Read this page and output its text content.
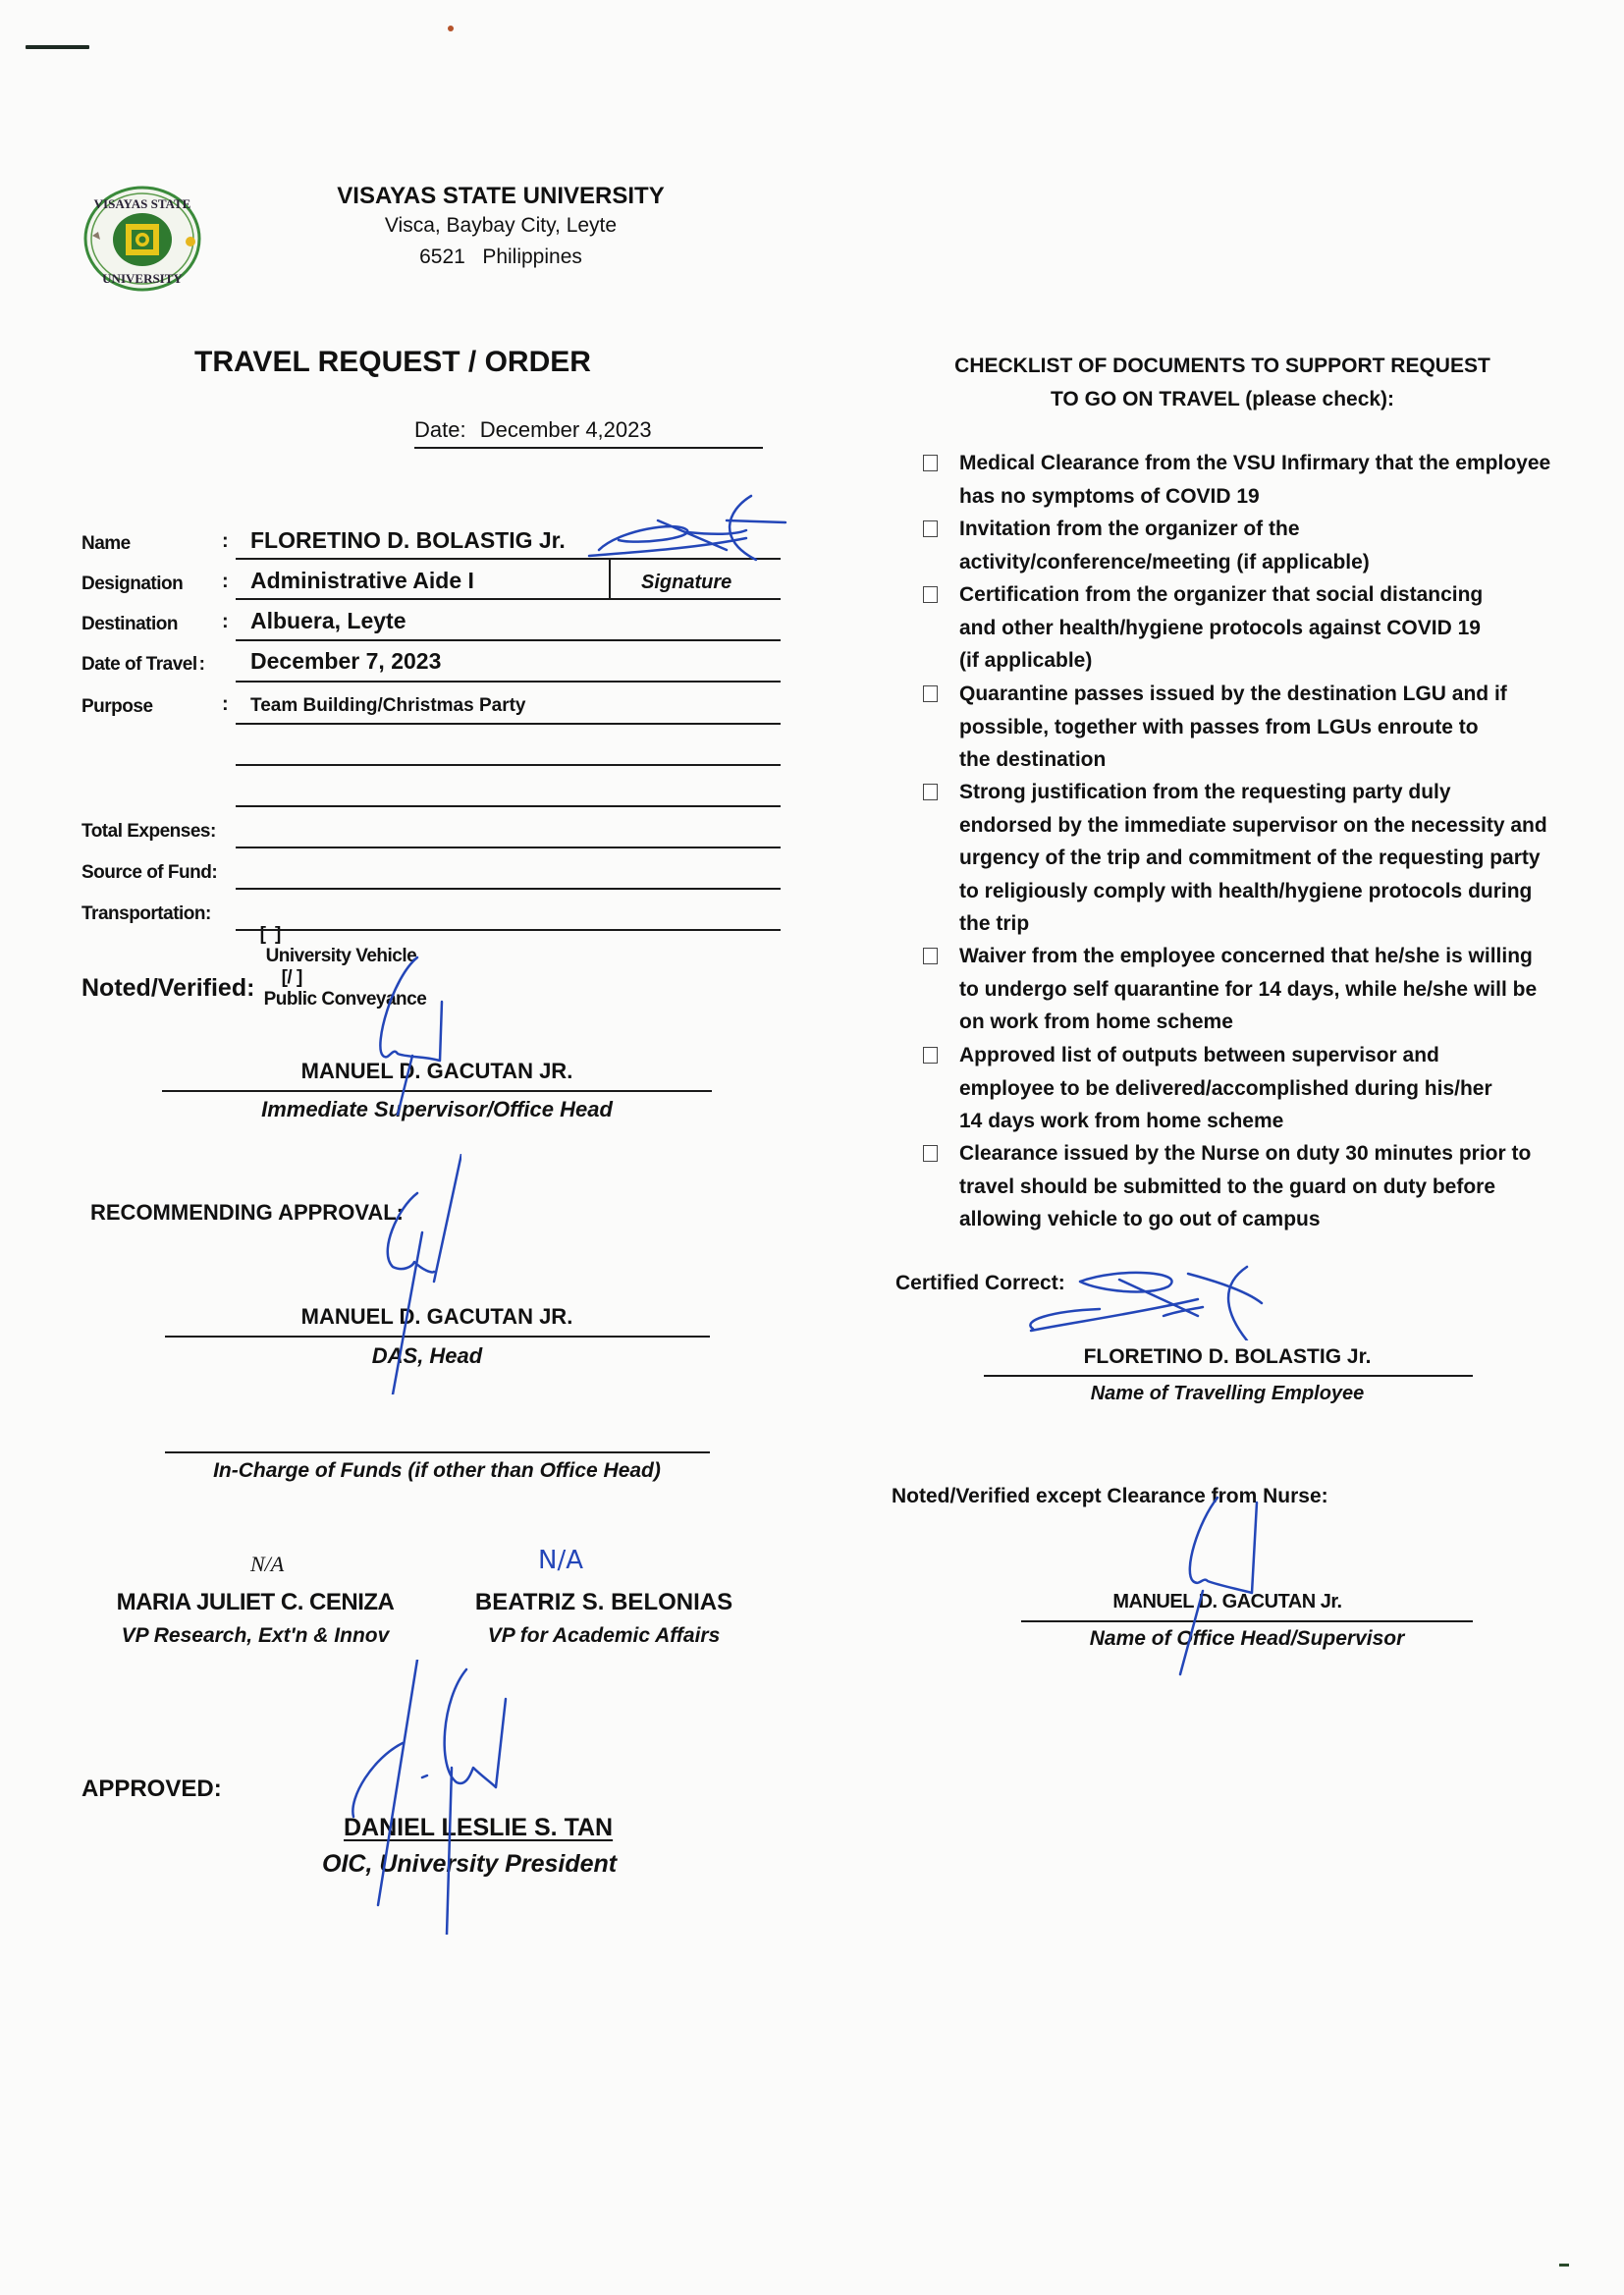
VISAYAS STATE
UNIVERSITY
VISAYAS STATE UNIVERSITY
Visca, Baybay City, Leyte
6521   Philippines
TRAVEL REQUEST / ORDER
Date: December 4,2023
Name	: FLORETINO D. BOLASTIG Jr.
Designation : Administrative Aide I	Signature
Destination : Albuera, Leyte
Date of Travel : December 7, 2023
Purpose	: Team Building/Christmas Party
Total Expenses:
Source of Fund:
Transportation:

[  ]
University Vehicle
[/ ]
Public Conveyance

Noted/Verified:
MANUEL D. GACUTAN JR.
Immediate Supervisor/Office Head
RECOMMENDING APPROVAL:
MANUEL D. GACUTAN JR.
DAS, Head
In-Charge of Funds (if other than Office Head)
N/A
MARIA JULIET C. CENIZA
VP Research, Ext'n & Innov
N/A
BEATRIZ S. BELONIAS
VP for Academic Affairs
APPROVED:
DANIEL LESLIE S. TAN
OIC, University President
CHECKLIST OF DOCUMENTS TO SUPPORT REQUEST
TO GO ON TRAVEL (please check):
Medical Clearance from the VSU Infirmary that the employee has no symptoms of COVID 19
Invitation from the organizer of the activity/conference/meeting (if applicable)
Certification from the organizer that social distancing and other health/hygiene protocols against COVID 19 (if applicable)
Quarantine passes issued by the destination LGU and if possible, together with passes from LGUs enroute to the destination
Strong justification from the requesting party duly endorsed by the immediate supervisor on the necessity and urgency of the trip and commitment of the requesting party to religiously comply with health/hygiene protocols during the trip
Waiver from the employee concerned that he/she is willing to undergo self quarantine for 14 days, while he/she will be on work from home scheme
Approved list of outputs between supervisor and employee to be delivered/accomplished during his/her 14 days work from home scheme
Clearance issued by the Nurse on duty 30 minutes prior to travel should be submitted to the guard on duty before allowing vehicle to go out of campus
Certified Correct:
FLORETINO D. BOLASTIG Jr.
Name of Travelling Employee
Noted/Verified except Clearance from Nurse:
MANUEL D. GACUTAN Jr.
Name of Office Head/Supervisor
